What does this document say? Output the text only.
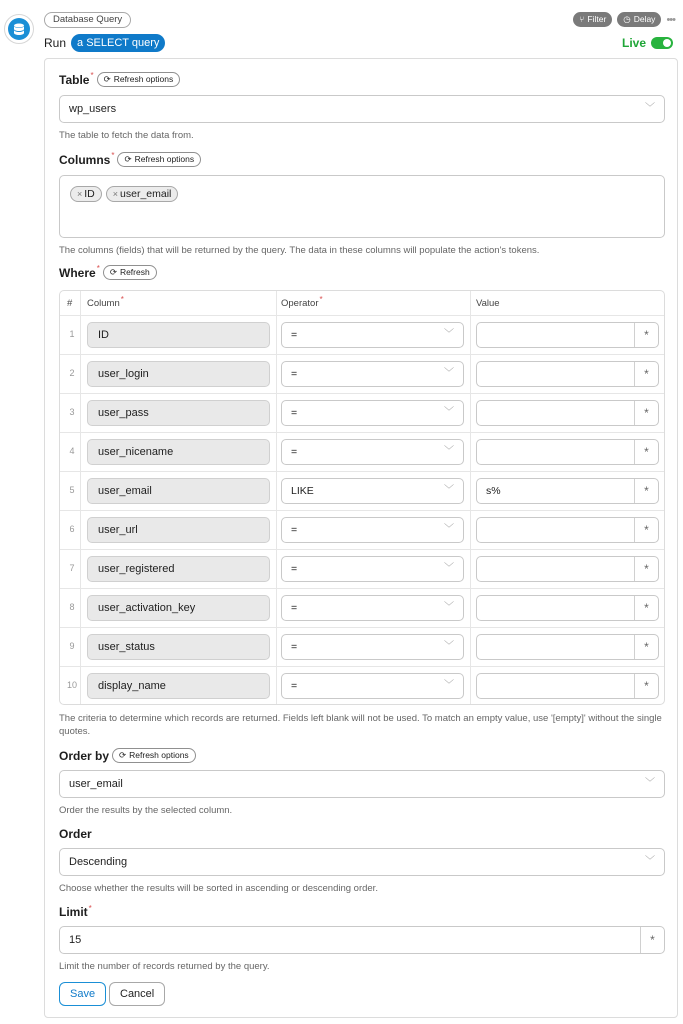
Database Query
Run	a SELECT query
⑂ Filter ◷ Delay •••
Live
Table * ⟳ Refresh options
wp_users	﹀
The table to fetch the data from.
Columns * ⟳ Refresh options
× ID	× user_email
The columns (fields) that will be returned by the query. The data in these columns will populate the action's tokens.
Where * ⟳ Refresh
# Column*	Operator*	Value
1	ID	=	﹀	*
2	user_login	=	﹀	*
3	user_pass	=	﹀	*
4	user_nicename	=	﹀	*
5	user_email	LIKE	﹀	s%	*
6	user_url	=	﹀	*
7	user_registered	=	﹀	*
8	user_activation_key	=	﹀	*
9	user_status	=	﹀	*
10	display_name	=	﹀	*
The criteria to determine which records are returned. Fields left blank will not be used. To match an empty value, use '[empty]' without the single quotes.
Order by ⟳ Refresh options
user_email	﹀
Order the results by the selected column.
Order
Descending	﹀
Choose whether the results will be sorted in ascending or descending order.
Limit *
15	*
Limit the number of records returned by the query.
Save	Cancel
